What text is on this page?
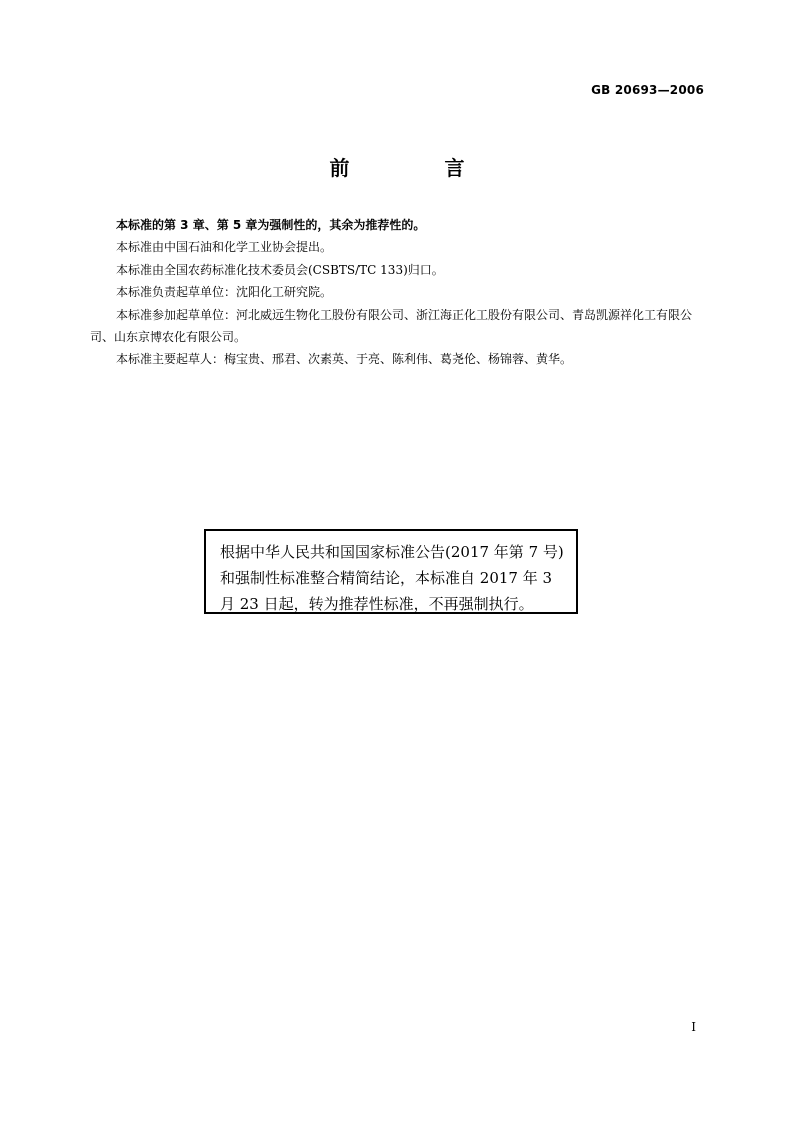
GB 20693—2006
前 言

本标准的第 3 章、第 5 章为强制性的，其余为推荐性的。

本标准由中国石油和化学工业协会提出。

本标准由全国农药标准化技术委员会(CSBTS/TC 133)归口。

本标准负责起草单位：沈阳化工研究院。

本标准参加起草单位：河北威远生物化工股份有限公司、浙江海正化工股份有限公司、青岛凯源祥化工有限公司、山东京博农化有限公司。

本标准主要起草人：梅宝贵、邢君、次素英、于亮、陈利伟、葛尧伦、杨锦蓉、黄华。

根据中华人民共和国国家标准公告(2017 年第 7 号)和强制性标准整合精简结论，本标准自 2017 年 3 月 23 日起，转为推荐性标准，不再强制执行。
I
